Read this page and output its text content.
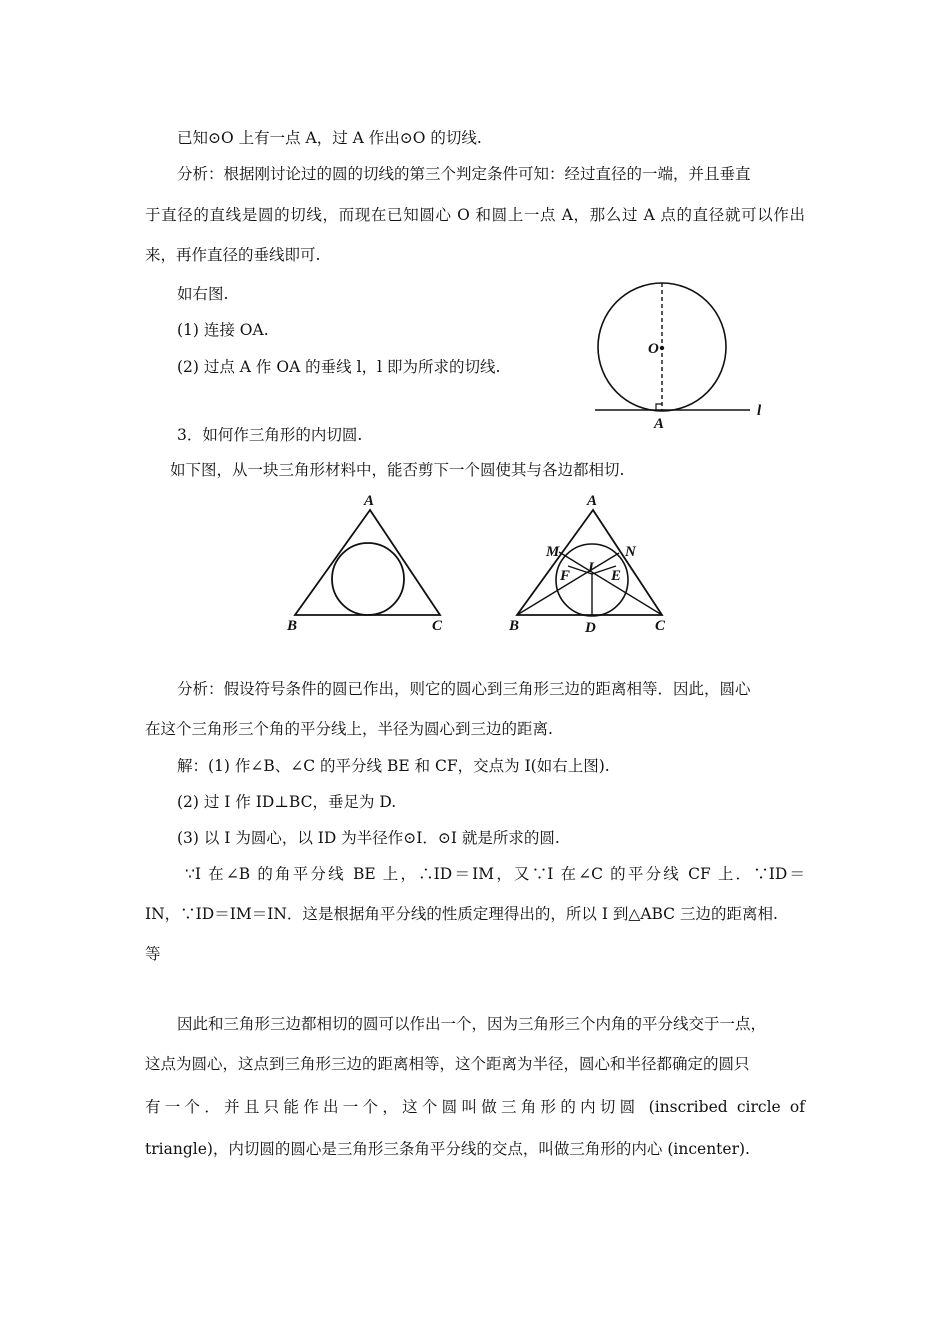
已知⊙O 上有一点 A，过 A 作出⊙O 的切线.
分析：根据刚讨论过的圆的切线的第三个判定条件可知：经过直径的一端，并且垂直
于直径的直线是圆的切线，而现在已知圆心 O 和圆上一点 A，那么过 A 点的直径就可以作出
来，再作直径的垂线即可.
如右图.
(1) 连接 OA.
(2) 过点 A 作 OA 的垂线 l，l 即为所求的切线.
3．如何作三角形的内切圆.
如下图，从一块三角形材料中，能否剪下一个圆使其与各边都相切.
O
A
l
A
B	C
A
M	N
F I E
B	D	C
分析：假设符号条件的圆已作出，则它的圆心到三角形三边的距离相等．因此，圆心
在这个三角形三个角的平分线上，半径为圆心到三边的距离.
解：(1) 作∠B、∠C 的平分线 BE 和 CF，交点为 I(如右上图).
(2) 过 I 作 ID⊥BC，垂足为 D.
(3) 以 I 为圆心，以 ID 为半径作⊙I．⊙I 就是所求的圆.
∵I 在∠B 的角平分线 BE 上，∴ID＝IM，又∵I 在∠C 的平分线 CF 上．∵ID＝
IN，∵ID＝IM＝IN．这是根据角平分线的性质定理得出的，所以 I 到△ABC 三边的距离相.
等
因此和三角形三边都相切的圆可以作出一个，因为三角形三个内角的平分线交于一点，
这点为圆心，这点到三角形三边的距离相等，这个距离为半径，圆心和半径都确定的圆只
有一个．并且只能作出一个，这个圆叫做三角形的内切圆 (inscribed circle of
triangle)，内切圆的圆心是三角形三条角平分线的交点，叫做三角形的内心 (incenter).
